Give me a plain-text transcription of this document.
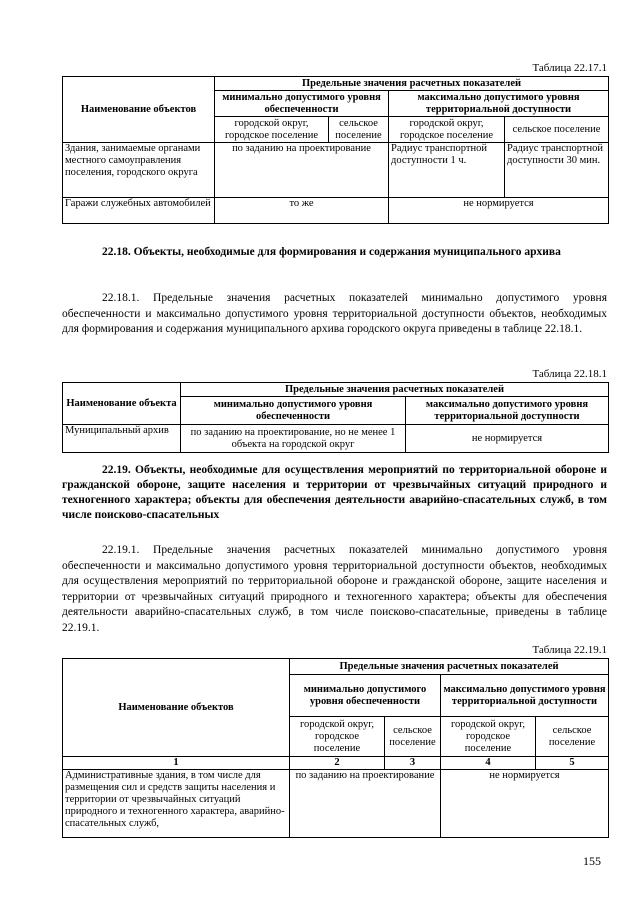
Таблица 22.17.1
Наименование объектов	Предельные значения расчетных показателей			
	минимально допустимого уровня обеспеченности		максимально допустимого уровня территориальной доступности	
	городской округ, городское поселение	сельское поселение	городской округ, городское поселение	сельское поселение
Здания, занимаемые органами местного самоуправления поселения, городского округа	по заданию на проектирование		Радиус транспортной доступности 1 ч.	Радиус транспортной доступности 30 мин.
Гаражи служебных автомобилей	то же		не нормируется	
22.18. Объекты, необходимые для формирования и содержания муниципального архива
22.18.1. Предельные значения расчетных показателей минимально допустимого уровня обеспеченности и максимально допустимого уровня территориальной доступности объектов, необходимых для формирования и содержания муниципального архива городского округа приведены в таблице 22.18.1.
Таблица 22.18.1
Наименование объекта	Предельные значения расчетных показателей	
	минимально допустимого уровня обеспеченности	максимально допустимого уровня территориальной доступности
Муниципальный архив	по заданию на проектирование, но не менее 1 объекта на городской округ	не нормируется
22.19. Объекты, необходимые для осуществления мероприятий по территориальной обороне и гражданской обороне, защите населения и территории от чрезвычайных ситуаций природного и техногенного характера; объекты для обеспечения деятельности аварийно-спасательных служб, в том числе поисково-спасательных
22.19.1. Предельные значения расчетных показателей минимально допустимого уровня обеспеченности и максимально допустимого уровня территориальной доступности объектов, необходимых для осуществления мероприятий по территориальной обороне и гражданской обороне, защите населения и территории от чрезвычайных ситуаций природного и техногенного характера; объекты для обеспечения деятельности аварийно-спасательных служб, в том числе поисково-спасательные, приведены в таблице 22.19.1.
Таблица 22.19.1
Наименование объектов	Предельные значения расчетных показателей			
	минимально допустимого уровня обеспеченности		максимально допустимого уровня территориальной доступности	
	городской округ, городское поселение	сельское поселение	городской округ, городское поселение	сельское поселение
1	2	3	4	5
Административные здания, в том числе для размещения сил и средств защиты населения и территории от чрезвычайных ситуаций природного и техногенного характера, аварийно-спасательных служб,	по заданию на проектирование		не нормируется	
155
